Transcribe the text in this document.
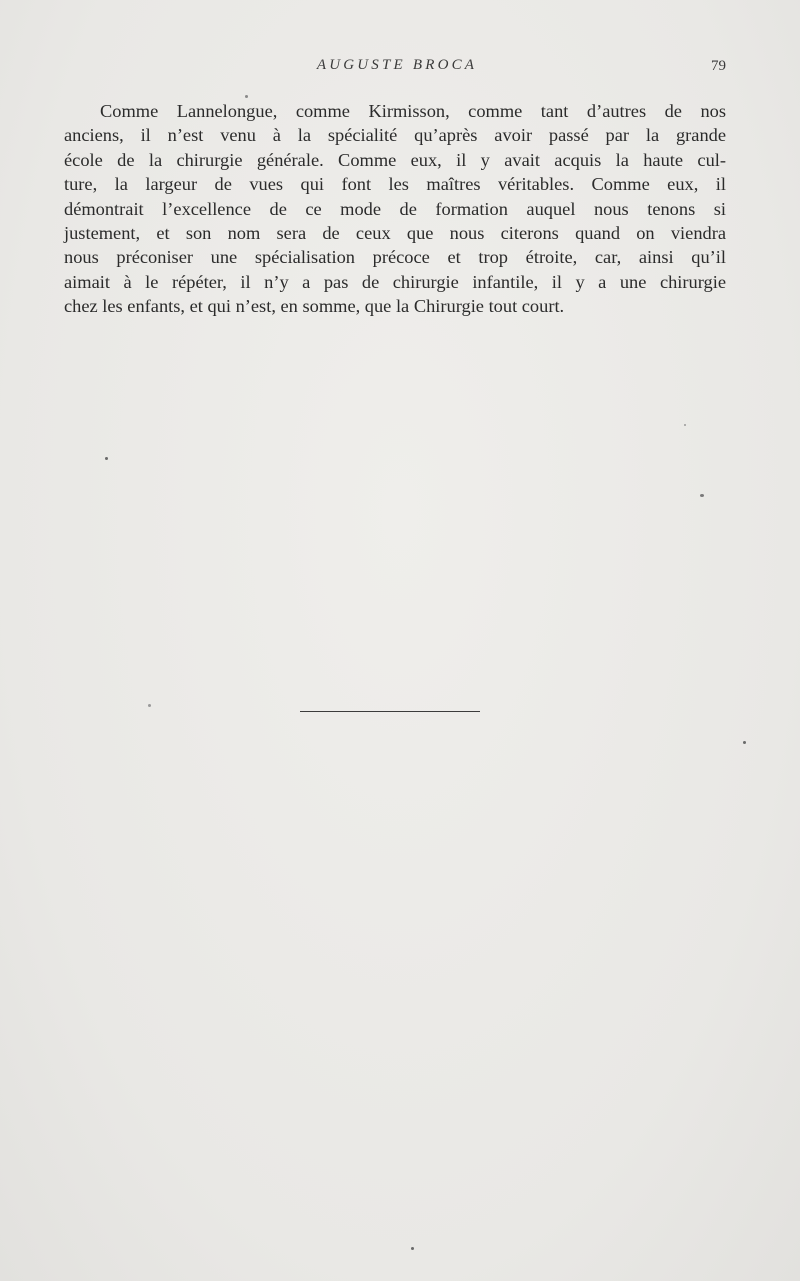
AUGUSTE BROCA	79
Comme Lannelongue, comme Kirmisson, comme tant d’autres de nos
anciens, il n’est venu à la spécialité qu’après avoir passé par la grande
école de la chirurgie générale. Comme eux, il y avait acquis la haute cul-
ture, la largeur de vues qui font les maîtres véritables. Comme eux, il
démontrait l’excellence de ce mode de formation auquel nous tenons si
justement, et son nom sera de ceux que nous citerons quand on viendra
nous préconiser une spécialisation précoce et trop étroite, car, ainsi qu’il
aimait à le répéter, il n’y a pas de chirurgie infantile, il y a une chirurgie
chez les enfants, et qui n’est, en somme, que la Chirurgie tout court.
